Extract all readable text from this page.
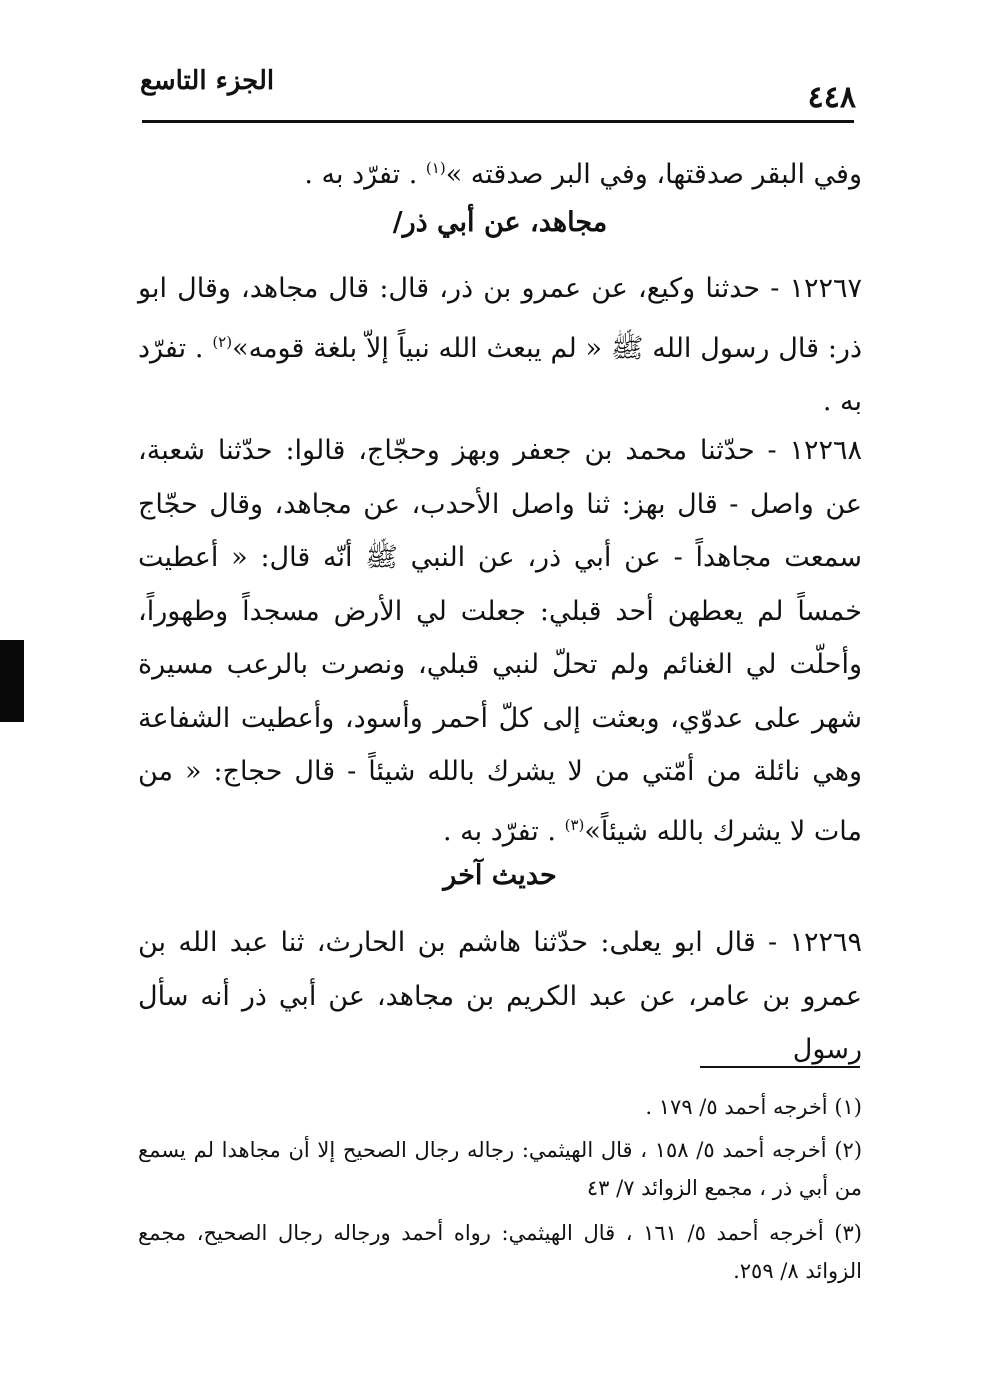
الجزء التاسع	٤٤٨

وفي البقر صدقتها، وفي البر صدقته »$^{(١)}$ . تفرّد به .

مجاهد، عن أبي ذر/

١٢٢٦٧ - حدثنا وكيع، عن عمرو بن ذر، قال: قال مجاهد، وقال ابو ذر: قال رسول الله ﷺ « لم يبعث الله نبياً إلاّ بلغة قومه»$^{(٢)}$ . تفرّد به .

١٢٢٦٨ - حدّثنا محمد بن جعفر وبهز وحجّاج، قالوا: حدّثنا شعبة، عن واصل - قال بهز: ثنا واصل الأحدب، عن مجاهد، وقال حجّاج سمعت مجاهداً - عن أبي ذر، عن النبي ﷺ أنّه قال: « أعطيت خمساً لم يعطهن أحد قبلي: جعلت لي الأرض مسجداً وطهوراً، وأحلّت لي الغنائم ولم تحلّ لنبي قبلي، ونصرت بالرعب مسيرة شهر على عدوّي، وبعثت إلى كلّ أحمر وأسود، وأعطيت الشفاعة وهي نائلة من أمّتي من لا يشرك بالله شيئاً - قال حجاج: « من مات لا يشرك بالله شيئاً»$^{(٣)}$ . تفرّد به .

حديث آخر

١٢٢٦٩ - قال ابو يعلى: حدّثنا هاشم بن الحارث، ثنا عبد الله بن عمرو بن عامر، عن عبد الكريم بن مجاهد، عن أبي ذر أنه سأل رسول

(١) أخرجه أحمد ٥/ ١٧٩ .

(٢) أخرجه أحمد ٥/ ١٥٨ ، قال الهيثمي: رجاله رجال الصحيح إلا أن مجاهدا لم يسمع من أبي ذر ، مجمع الزوائد ٧/ ٤٣

(٣) أخرجه أحمد ٥/ ١٦١ ، قال الهيثمي: رواه أحمد ورجاله رجال الصحيح، مجمع الزوائد ٨/ ٢٥٩.
